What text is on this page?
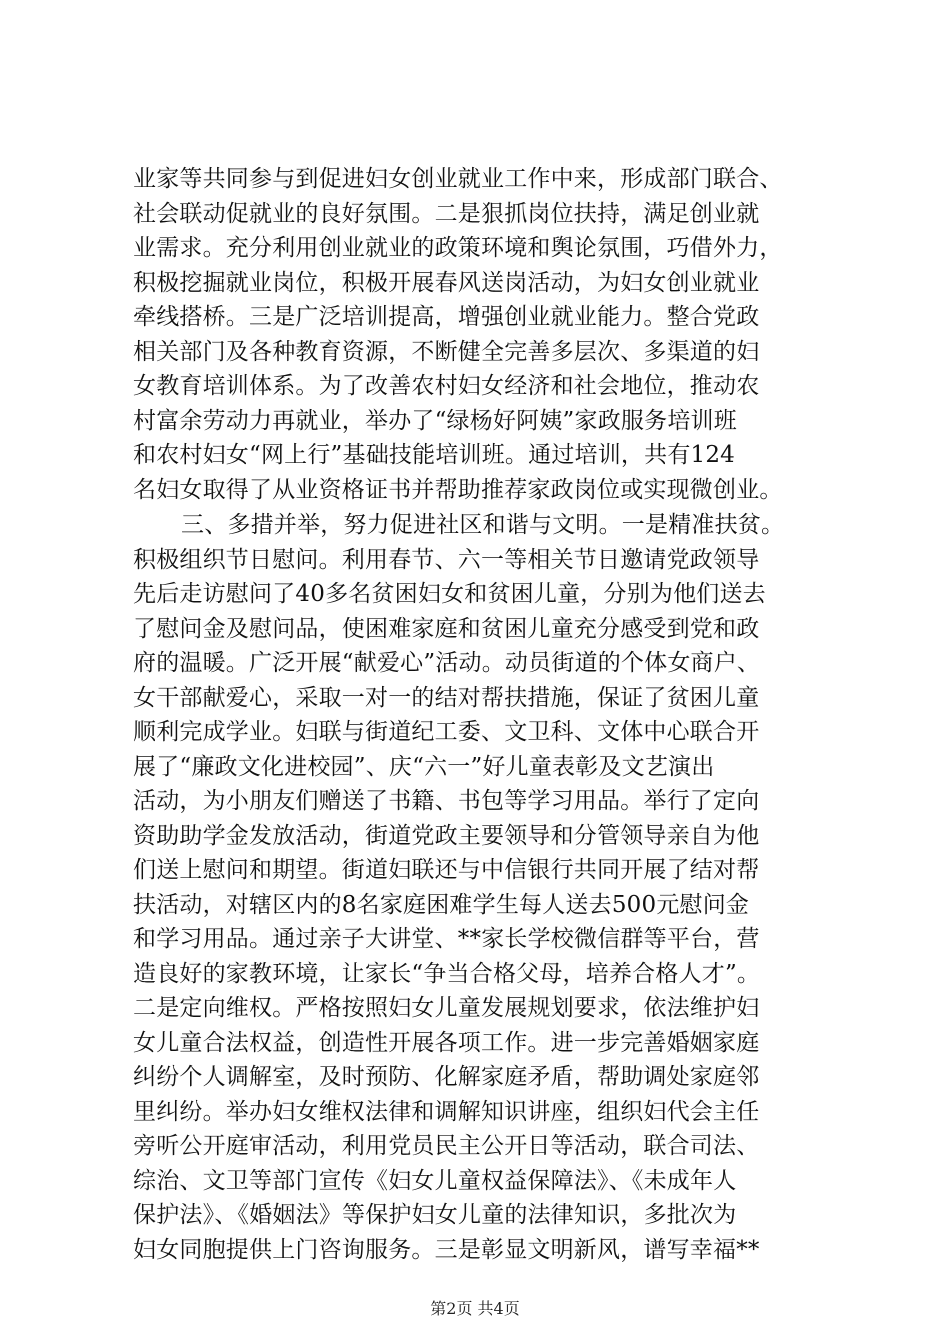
业家等共同参与到促进妇女创业就业工作中来，形成部门联合、
社会联动促就业的良好氛围。二是狠抓岗位扶持，满足创业就
业需求。充分利用创业就业的政策环境和舆论氛围，巧借外力，
积极挖掘就业岗位，积极开展春风送岗活动，为妇女创业就业
牵线搭桥。三是广泛培训提高，增强创业就业能力。整合党政
相关部门及各种教育资源，不断健全完善多层次、多渠道的妇
女教育培训体系。为了改善农村妇女经济和社会地位，推动农
村富余劳动力再就业，举办了“绿杨好阿姨”家政服务培训班
和农村妇女“网上行”基础技能培训班。通过培训，共有124
名妇女取得了从业资格证书并帮助推荐家政岗位或实现微创业。
三、多措并举，努力促进社区和谐与文明。一是精准扶贫。
积极组织节日慰问。利用春节、六一等相关节日邀请党政领导
先后走访慰问了40多名贫困妇女和贫困儿童，分别为他们送去
了慰问金及慰问品，使困难家庭和贫困儿童充分感受到党和政
府的温暖。广泛开展“献爱心”活动。动员街道的个体女商户、
女干部献爱心，采取一对一的结对帮扶措施，保证了贫困儿童
顺利完成学业。妇联与街道纪工委、文卫科、文体中心联合开
展了“廉政文化进校园”、庆“六一”好儿童表彰及文艺演出
活动，为小朋友们赠送了书籍、书包等学习用品。举行了定向
资助助学金发放活动，街道党政主要领导和分管领导亲自为他
们送上慰问和期望。街道妇联还与中信银行共同开展了结对帮
扶活动，对辖区内的8名家庭困难学生每人送去500元慰问金
和学习用品。通过亲子大讲堂、**家长学校微信群等平台，营
造良好的家教环境，让家长“争当合格父母，培养合格人才”。
二是定向维权。严格按照妇女儿童发展规划要求，依法维护妇
女儿童合法权益，创造性开展各项工作。进一步完善婚姻家庭
纠纷个人调解室，及时预防、化解家庭矛盾，帮助调处家庭邻
里纠纷。举办妇女维权法律和调解知识讲座，组织妇代会主任
旁听公开庭审活动，利用党员民主公开日等活动，联合司法、
综治、文卫等部门宣传《妇女儿童权益保障法》、《未成年人
保护法》、《婚姻法》等保护妇女儿童的法律知识，多批次为
妇女同胞提供上门咨询服务。三是彰显文明新风，谱写幸福**
第2页 共4页
